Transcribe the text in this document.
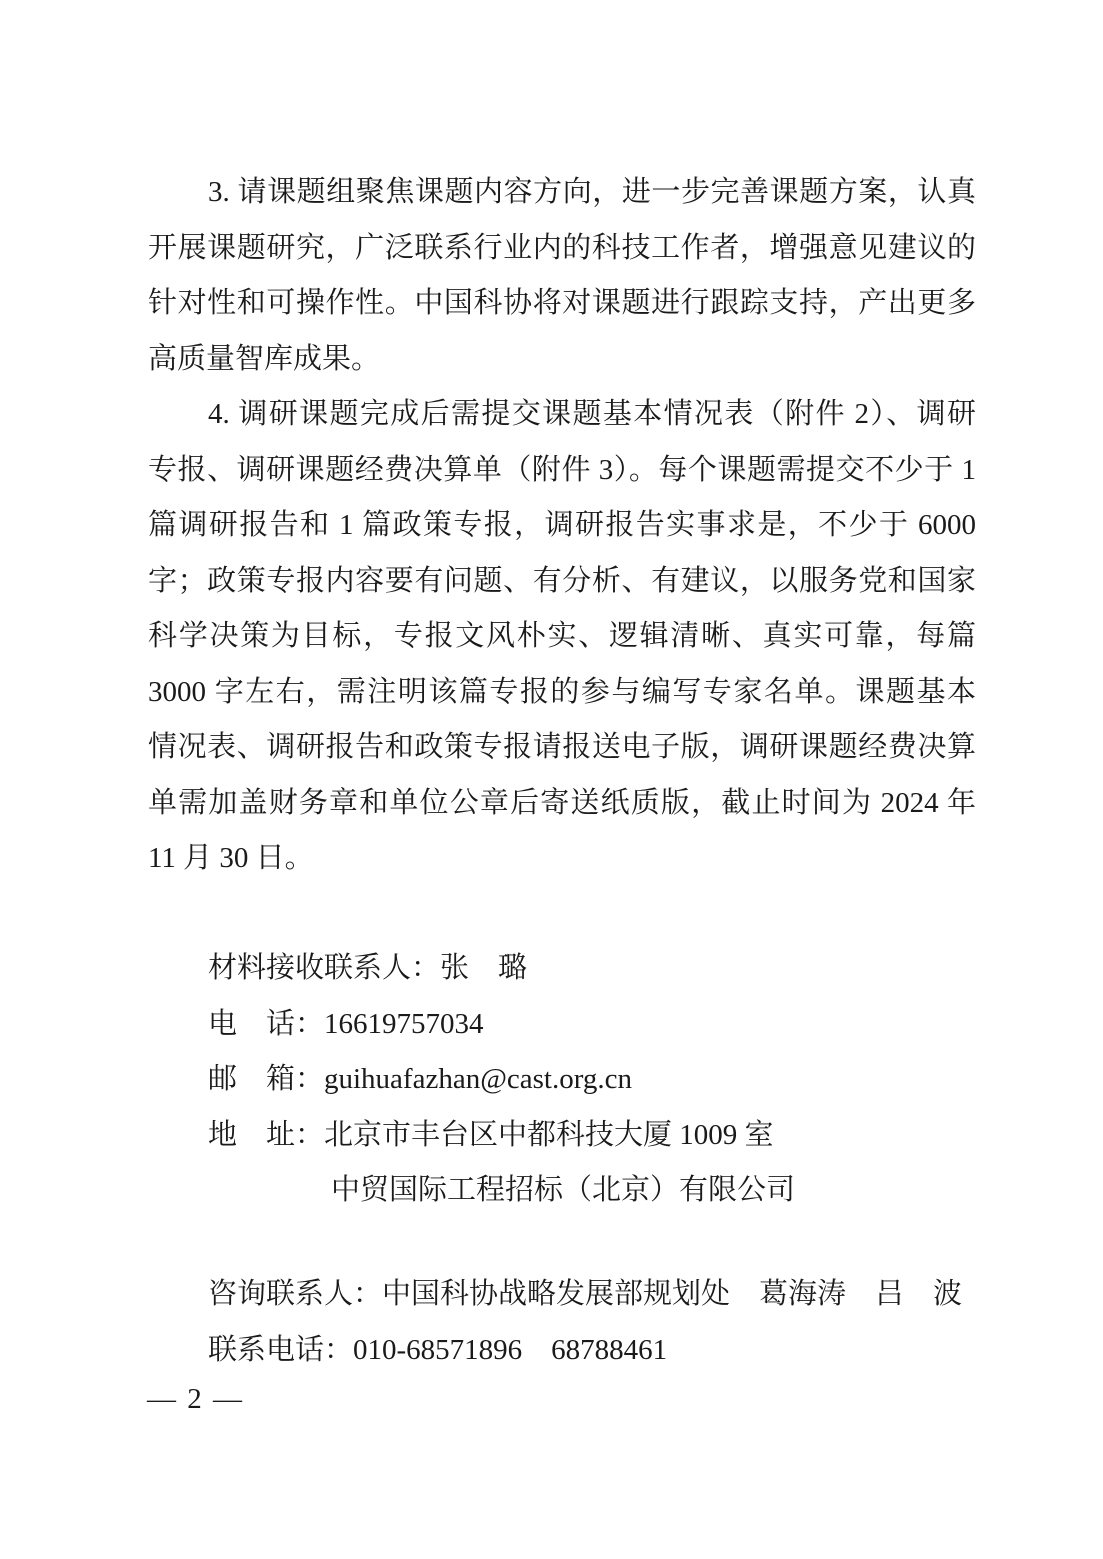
3. 请课题组聚焦课题内容方向，进一步完善课题方案，认真
开展课题研究，广泛联系行业内的科技工作者，增强意见建议的
针对性和可操作性。中国科协将对课题进行跟踪支持，产出更多
高质量智库成果。
4. 调研课题完成后需提交课题基本情况表（附件 2）、调研
专报、调研课题经费决算单（附件 3）。每个课题需提交不少于 1
篇调研报告和 1 篇政策专报，调研报告实事求是，不少于 6000
字；政策专报内容要有问题、有分析、有建议，以服务党和国家
科学决策为目标，专报文风朴实、逻辑清晰、真实可靠，每篇
3000 字左右，需注明该篇专报的参与编写专家名单。课题基本
情况表、调研报告和政策专报请报送电子版，调研课题经费决算
单需加盖财务章和单位公章后寄送纸质版，截止时间为 2024 年
11 月 30 日。
材料接收联系人：张　璐
电　话：16619757034
邮　箱：guihuafazhan@cast.org.cn
地　址：北京市丰台区中都科技大厦 1009 室
中贸国际工程招标（北京）有限公司
咨询联系人：中国科协战略发展部规划处　葛海涛　吕　波
联系电话：010-68571896　68788461
— 2 —
